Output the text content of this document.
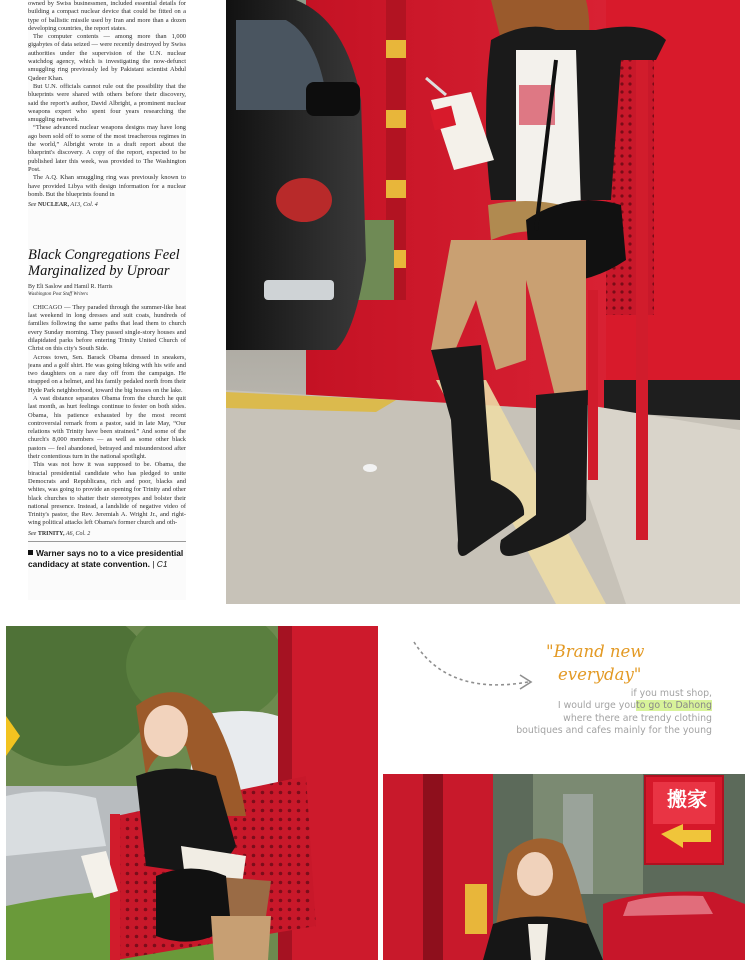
owned by Swiss businessmen, included essential details for building a compact nuclear device that could be fitted on a type of ballistic missile used by Iran and more than a dozen developing countries, the report states.

The computer contents — among more than 1,000 gigabytes of data seized — were recently destroyed by Swiss authorities under the supervision of the U.N. nuclear watchdog agency, which is investigating the now-defunct smuggling ring previously led by Pakistani scientist Abdul Qadeer Khan.

But U.N. officials cannot rule out the possibility that the blueprints were shared with others before their discovery, said the report's author, David Albright, a prominent nuclear weapons expert who spent four years researching the smuggling network.

“These advanced nuclear weapons designs may have long ago been sold off to some of the most treacherous regimes in the world,” Albright wrote in a draft report about the blueprint's discovery. A copy of the report, expected to be published later this week, was provided to The Washington Post.

The A.Q. Khan smuggling ring was previously known to have provided Libya with design information for a nuclear bomb. But the blueprints found in

See NUCLEAR, A13, Col. 4
Black Congregations Feel Marginalized by Uproar
By Eli Saslow and Hamil R. Harris
Washington Post Staff Writers

CHICAGO — They paraded through the summer-like heat last weekend in long dresses and suit coats, hundreds of families following the same paths that lead them to church every Sunday morning. They passed single-story houses and dilapidated parks before entering Trinity United Church of Christ on this city's South Side.

Across town, Sen. Barack Obama dressed in sneakers, jeans and a golf shirt. He was going biking with his wife and two daughters on a rare day off from the campaign. He strapped on a helmet, and his family pedaled north from their Hyde Park neighborhood, toward the big houses on the lake.

A vast distance separates Obama from the church he quit last month, as hurt feelings continue to fester on both sides. Obama, his patience exhausted by the most recent controversial remark from a pastor, said in late May, “Our relations with Trinity have been strained.” And some of the church's 8,000 members — as well as some other black pastors — feel abandoned, betrayed and misunderstood after their contentious turn in the national spotlight.

This was not how it was supposed to be. Obama, the biracial presidential candidate who has pledged to unite Democrats and Republicans, rich and poor, blacks and whites, was going to provide an opening for Trinity and other black churches to shatter their stereotypes and bolster their national presence. Instead, a landslide of negative video of Trinity's pastor, the Rev. Jeremiah A. Wright Jr., and right-wing political attacks left Obama's former church and oth-

See TRINITY, A6, Col. 2

Warner says no to a vice presidential candidacy at state convention. | C1

"Brand new
everyday"
if you must shop,
I would urge youto go to Dahong
where there are trendy clothing
boutiques and cafes mainly for the young
搬家
